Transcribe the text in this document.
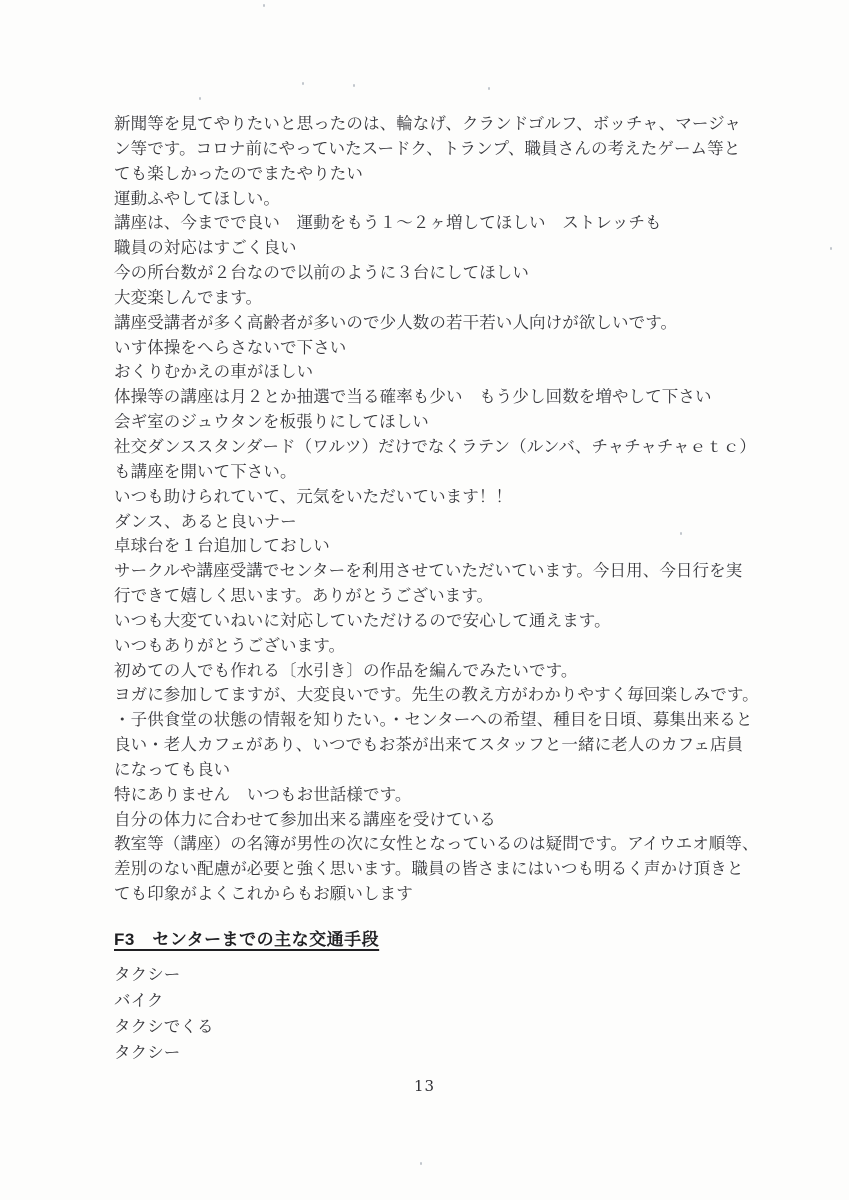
新聞等を見てやりたいと思ったのは、輪なげ、クランドゴルフ、ボッチャ、マージャ
ン等です。コロナ前にやっていたスードク、トランプ、職員さんの考えたゲーム等と
ても楽しかったのでまたやりたい
運動ふやしてほしい。
講座は、今までで良い　運動をもう１～２ヶ増してほしい　ストレッチも
職員の対応はすごく良い
今の所台数が２台なので以前のように３台にしてほしい
大変楽しんでます。
講座受講者が多く高齢者が多いので少人数の若干若い人向けが欲しいです。
いす体操をへらさないで下さい
おくりむかえの車がほしい
体操等の講座は月２とか抽選で当る確率も少い　もう少し回数を増やして下さい
会ギ室のジュウタンを板張りにしてほしい
社交ダンススタンダード（ワルツ）だけでなくラテン（ルンバ、チャチャチャｅｔｃ）
も講座を開いて下さい。
いつも助けられていて、元気をいただいています！！
ダンス、あると良いナー
卓球台を１台追加しておしい
サークルや講座受講でセンターを利用させていただいています。今日用、今日行を実
行できて嬉しく思います。ありがとうございます。
いつも大変ていねいに対応していただけるので安心して通えます。
いつもありがとうございます。
初めての人でも作れる〔水引き〕の作品を編んでみたいです。
ヨガに参加してますが、大変良いです。先生の教え方がわかりやすく毎回楽しみです。
・子供食堂の状態の情報を知りたい。・センターへの希望、種目を日頃、募集出来ると
良い・老人カフェがあり、いつでもお茶が出来てスタッフと一緒に老人のカフェ店員
になっても良い
特にありません　いつもお世話様です。
自分の体力に合わせて参加出来る講座を受けている
教室等（講座）の名簿が男性の次に女性となっているのは疑問です。アイウエオ順等、
差別のない配慮が必要と強く思います。職員の皆さまにはいつも明るく声かけ頂きと
ても印象がよくこれからもお願いします
F3　センターまでの主な交通手段
タクシー
バイク
タクシでくる
タクシー
13
